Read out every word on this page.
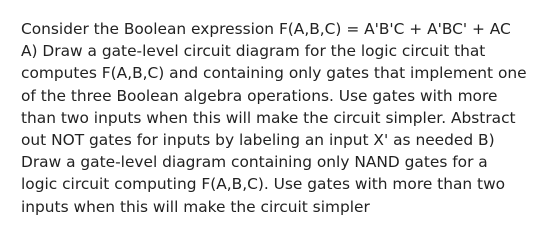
Consider the Boolean expression F(A,B,C) = A'B'C + A'BC' + AC
A) Draw a gate-level circuit diagram for the logic circuit that
computes F(A,B,C) and containing only gates that implement one
of the three Boolean algebra operations. Use gates with more
than two inputs when this will make the circuit simpler. Abstract
out NOT gates for inputs by labeling an input X' as needed B)
Draw a gate-level diagram containing only NAND gates for a
logic circuit computing F(A,B,C). Use gates with more than two
inputs when this will make the circuit simpler
